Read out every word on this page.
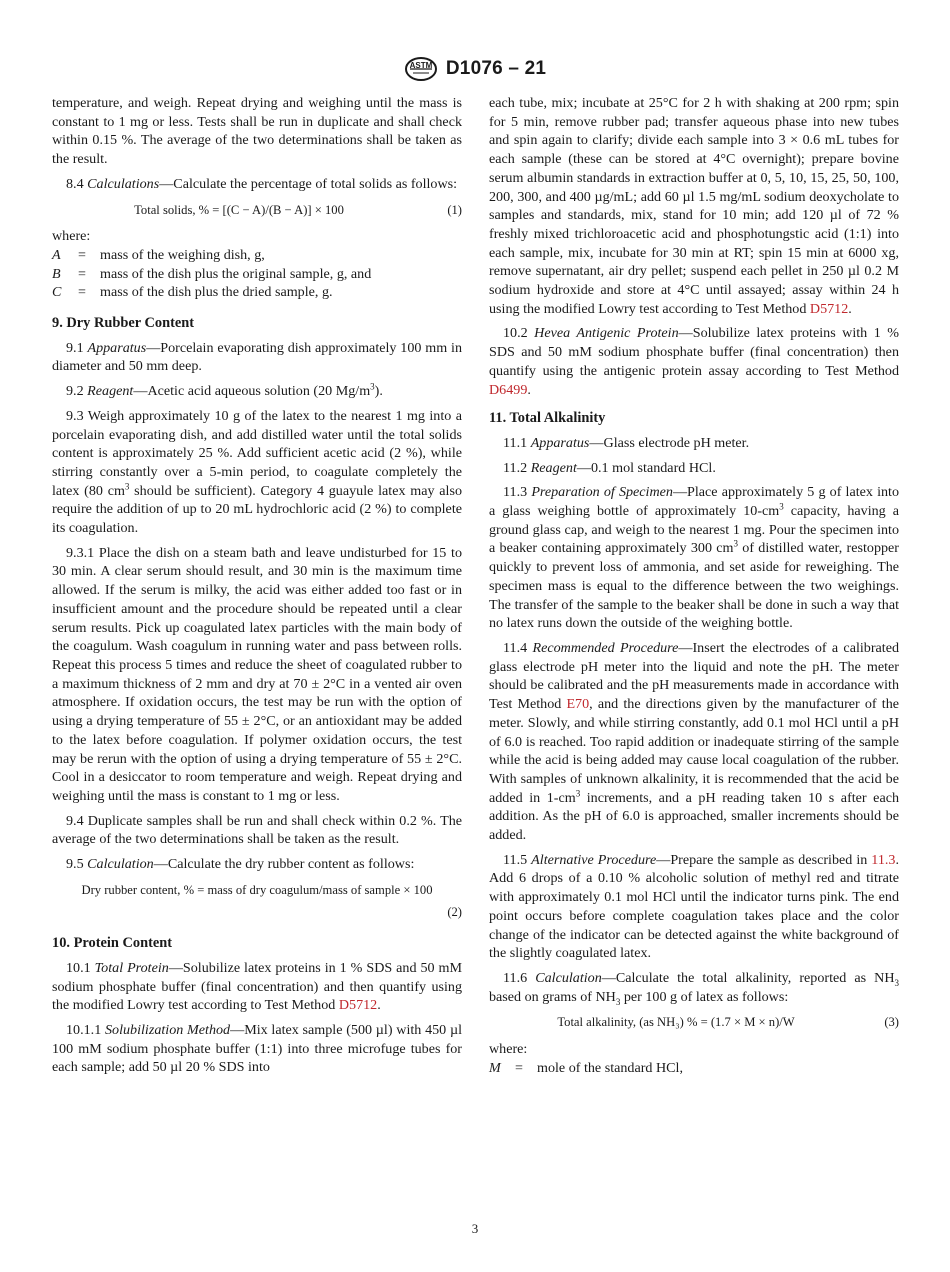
ASTM D1076 – 21

temperature, and weigh. Repeat drying and weighing until the mass is constant to 1 mg or less. Tests shall be run in duplicate and shall check within 0.15 %. The average of the two determinations shall be taken as the result.

8.4 Calculations—Calculate the percentage of total solids as follows:

Total solids, % = [(C − A)/(B − A)] × 100	(1)

where:

A	= mass of the weighing dish, g,
B	= mass of the dish plus the original sample, g, and
C	= mass of the dish plus the dried sample, g.
9. Dry Rubber Content

9.1 Apparatus—Porcelain evaporating dish approximately 100 mm in diameter and 50 mm deep.

9.2 Reagent—Acetic acid aqueous solution (20 $Mg/m^3$).

9.3 Weigh approximately 10 g of the latex to the nearest 1 mg into a porcelain evaporating dish, and add distilled water until the total solids content is approximately 25 %. Add sufficient acetic acid (2 %), while stirring constantly over a 5-min period, to coagulate completely the latex (80 $cm^3$ should be sufficient). Category 4 guayule latex may also require the addition of up to 20 mL hydrochloric acid (2 %) to complete its coagulation.

9.3.1 Place the dish on a steam bath and leave undisturbed for 15 to 30 min. A clear serum should result, and 30 min is the maximum time allowed. If the serum is milky, the acid was either added too fast or in insufficient amount and the procedure should be repeated until a clear serum results. Pick up coagulated latex particles with the main body of the coagulum. Wash coagulum in running water and pass between rolls. Repeat this process 5 times and reduce the sheet of coagulated rubber to a maximum thickness of 2 mm and dry at 70 ± 2°C in a vented air oven atmosphere. If oxidation occurs, the test may be run with the option of using a drying temperature of 55 ± 2°C, or an antioxidant may be added to the latex before coagulation. If polymer oxidation occurs, the test may be rerun with the option of using a drying temperature of 55 ± 2°C. Cool in a desiccator to room temperature and weigh. Repeat drying and weighing until the mass is constant to 1 mg or less.

9.4 Duplicate samples shall be run and shall check within 0.2 %. The average of the two determinations shall be taken as the result.

9.5 Calculation—Calculate the dry rubber content as follows:

Dry rubber content, % = mass of dry coagulum/mass of sample × 100
(2)
10. Protein Content

10.1 Total Protein—Solubilize latex proteins in 1 % SDS and 50 mM sodium phosphate buffer (final concentration) and then quantify using the modified Lowry test according to Test Method D5712.

10.1.1 Solubilization Method—Mix latex sample (500 µl) with 450 µl 100 mM sodium phosphate buffer (1:1) into three microfuge tubes for each sample; add 50 µl 20 % SDS into

each tube, mix; incubate at 25°C for 2 h with shaking at 200 rpm; spin for 5 min, remove rubber pad; transfer aqueous phase into new tubes and spin again to clarify; divide each sample into 3 × 0.6 mL tubes for each sample (these can be stored at 4°C overnight); prepare bovine serum albumin standards in extraction buffer at 0, 5, 10, 15, 25, 50, 100, 200, 300, and 400 µg/mL; add 60 µl 1.5 mg/mL sodium deoxycholate to samples and standards, mix, stand for 10 min; add 120 µl of 72 % freshly mixed trichloroacetic acid and phosphotungstic acid (1:1) into each sample, mix, incubate for 30 min at RT; spin 15 min at 6000 xg, remove supernatant, air dry pellet; suspend each pellet in 250 µl 0.2 M sodium hydroxide and store at 4°C until assayed; assay within 24 h using the modified Lowry test according to Test Method D5712.

10.2 Hevea Antigenic Protein—Solubilize latex proteins with 1 % SDS and 50 mM sodium phosphate buffer (final concentration) then quantify using the antigenic protein assay according to Test Method D6499.

11. Total Alkalinity

11.1 Apparatus—Glass electrode pH meter.

11.2 Reagent—0.1 mol standard HCl.

11.3 Preparation of Specimen—Place approximately 5 g of latex into a glass weighing bottle of approximately $10-cm^3$ capacity, having a ground glass cap, and weigh to the nearest 1 mg. Pour the specimen into a beaker containing approximately 300 $cm^3$ of distilled water, restopper quickly to prevent loss of ammonia, and set aside for reweighing. The specimen mass is equal to the difference between the two weighings. The transfer of the sample to the beaker shall be done in such a way that no latex runs down the outside of the weighing bottle.

11.4 Recommended Procedure—Insert the electrodes of a calibrated glass electrode pH meter into the liquid and note the pH. The meter should be calibrated and the pH measurements made in accordance with Test Method E70, and the directions given by the manufacturer of the meter. Slowly, and while stirring constantly, add 0.1 mol HCl until a pH of 6.0 is reached. Too rapid addition or inadequate stirring of the sample while the acid is being added may cause local coagulation of the rubber. With samples of unknown alkalinity, it is recommended that the acid be added in $1-cm^3$ increments, and a pH reading taken 10 s after each addition. As the pH of 6.0 is approached, smaller increments should be added.

11.5 Alternative Procedure—Prepare the sample as described in 11.3. Add 6 drops of a 0.10 % alcoholic solution of methyl red and titrate with approximately 0.1 mol HCl until the indicator turns pink. The end point occurs before complete coagulation takes place and the color change of the indicator can be detected against the white background of the slightly coagulated latex.

11.6 Calculation—Calculate the total alkalinity, reported as $NH_3$ based on grams of $NH_3$ per 100 g of latex as follows:

Total alkalinity, (as NH₃) % = (1.7 × M × n)/W	(3)

where:

M	= mole of the standard HCl,
3
